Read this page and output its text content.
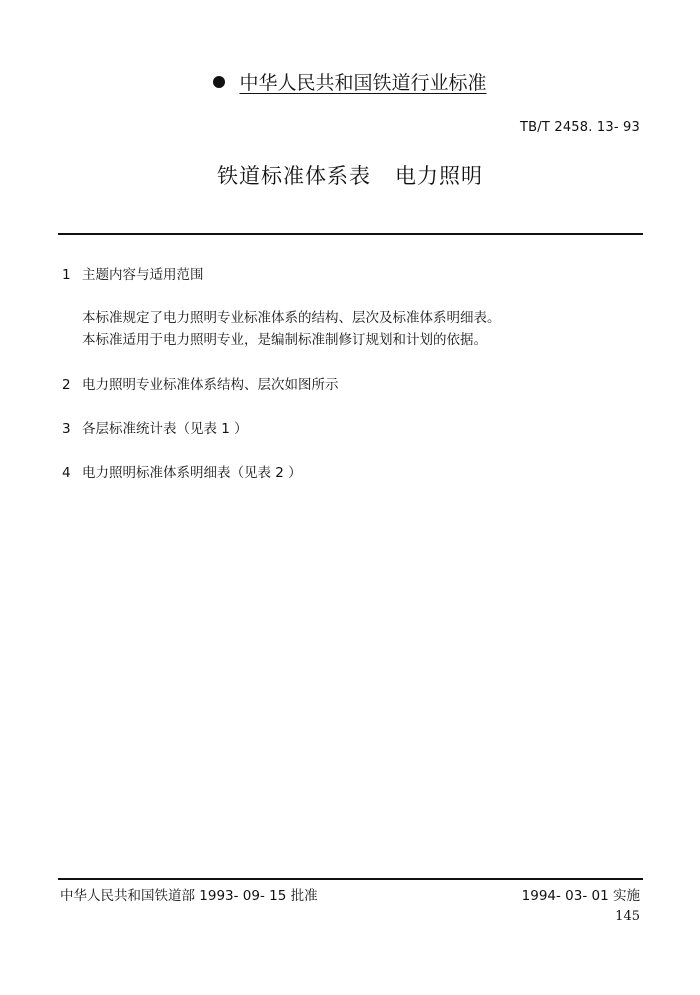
中华人民共和国铁道行业标准
TB/T 2458. 13- 93
铁道标准体系表 电力照明
1 主题内容与适用范围
本标准规定了电力照明专业标准体系的结构、层次及标准体系明细表。
本标准适用于电力照明专业，是编制标准制修订规划和计划的依据。
2 电力照明专业标准体系结构、层次如图所示
3 各层标准统计表（见表 1 ）
4 电力照明标准体系明细表（见表 2 ）
中华人民共和国铁道部 1993- 09- 15 批准	1994- 03- 01 实施
145
